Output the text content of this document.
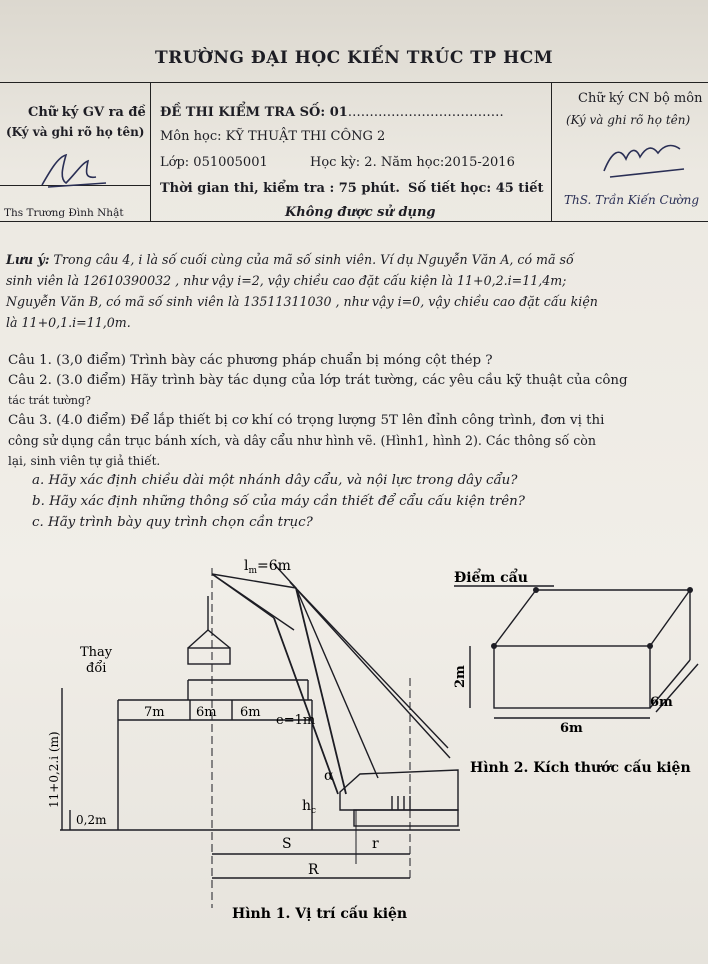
TRƯỜNG ĐẠI HỌC KIẾN TRÚC TP HCM
Chữ ký GV ra đề
(Ký và ghi rõ họ tên)
Ths Trương Đình Nhật
ĐỀ THI KIỂM TRA SỐ: 01………………………………
Môn học: KỸ THUẬT THI CÔNG 2
Lớp: 051005001	Học kỳ: 2. Năm học:2015-2016
Thời gian thi, kiểm tra : 75 phút. Số tiết học: 45 tiết
Không được sử dụng
Chữ ký CN bộ môn
(Ký và ghi rõ họ tên)
ThS. Trần Kiến Cường
Lưu ý: Trong câu 4, i là số cuối cùng của mã số sinh viên. Ví dụ Nguyễn Văn A, có mã số
sinh viên là 12610390032 , như vậy i=2, vậy chiều cao đặt cấu kiện là 11+0,2.i=11,4m;
Nguyễn Văn B, có mã số sinh viên là 13511311030 , như vậy i=0, vậy chiều cao đặt cấu kiện
là 11+0,1.i=11,0m.
Câu 1. (3,0 điểm) Trình bày các phương pháp chuẩn bị móng cột thép ?
Câu 2. (3.0 điểm) Hãy trình bày tác dụng của lớp trát tường, các yêu cầu kỹ thuật của công
tác trát tường?
Câu 3. (4.0 điểm) Để lắp thiết bị cơ khí có trọng lượng 5T lên đỉnh công trình, đơn vị thi
công sử dụng cần trục bánh xích, và dây cẩu như hình vẽ. (Hình1, hình 2). Các thông số còn
lại, sinh viên tự giả thiết.
a. Hãy xác định chiều dài một nhánh dây cẩu, và nội lực trong dây cẩu?
b. Hãy xác định những thông số của máy cần thiết để cẩu cấu kiện trên?
c. Hãy trình bày quy trình chọn cần trục?
$l_m=6m$
Thay
đổi
11+0,2.i (m)
0,2m
7m 6m 6m
e=1m
α
$h_c$
S	r
R
Hình 1. Vị trí cấu kiện
Điểm cẩu
2m
6m
6m
Hình 2. Kích thước cấu kiện
